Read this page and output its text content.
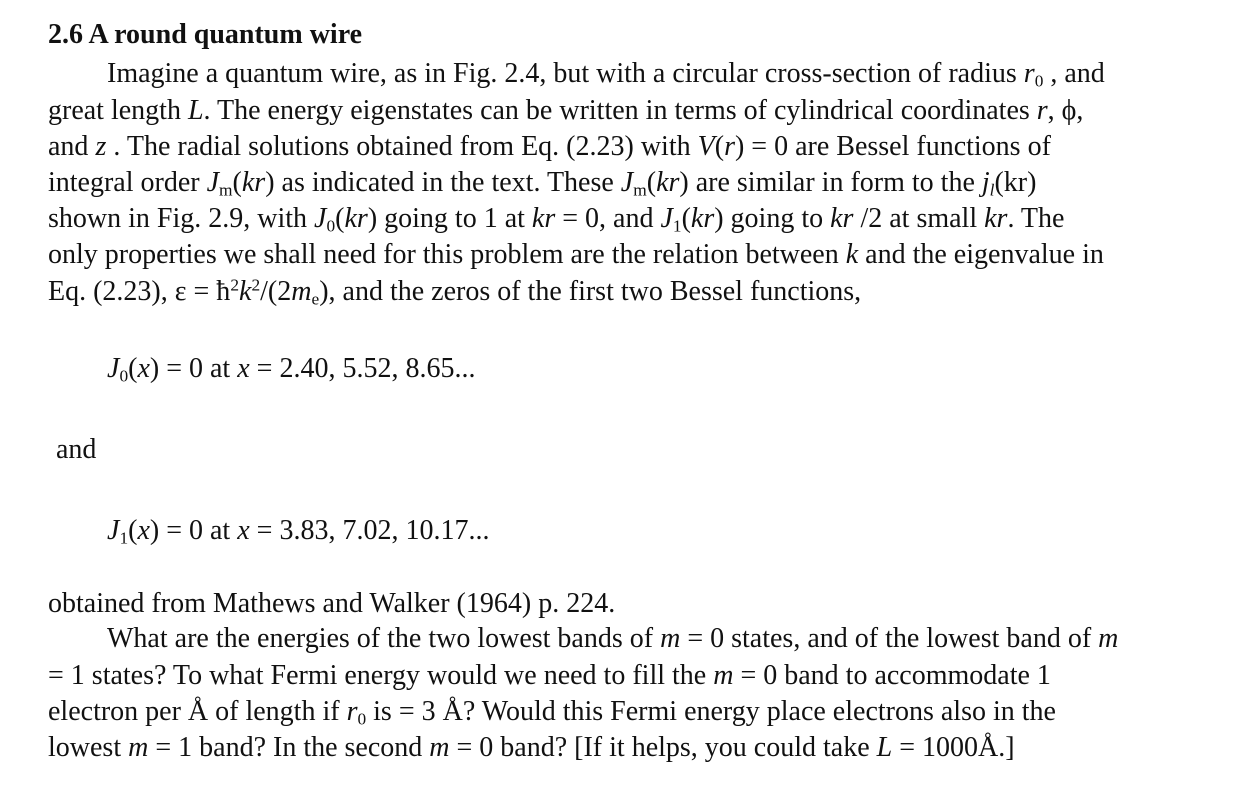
2.6 A round quantum wire
Imagine a quantum wire, as in Fig. 2.4, but with a circular cross-section of radius $r_0$ , and
great length L. The energy eigenstates can be written in terms of cylindrical coordinates r, ϕ,
and z . The radial solutions obtained from Eq. (2.23) with V(r) = 0 are Bessel functions of
integral order $J_m(kr)$ as indicated in the text. These $J_m(kr)$ are similar in form to the $j_l(kr)$
shown in Fig. 2.9, with $J_0(kr)$ going to 1 at kr = 0, and $J_1(kr)$ going to kr /2 at small kr. The
only properties we shall need for this problem are the relation between k and the eigenvalue in
Eq. (2.23), $\varepsilon = ħ^2k^2/(2m_e)$, and the zeros of the first two Bessel functions,
$J_0(x) = 0$ at x = 2.40, 5.52, 8.65...
and
$J_1(x) = 0$ at x = 3.83, 7.02, 10.17...
obtained from Mathews and Walker (1964) p. 224.
What are the energies of the two lowest bands of m = 0 states, and of the lowest band of m
= 1 states? To what Fermi energy would we need to fill the m = 0 band to accommodate 1
electron per Å of length if $r_0$ is = 3 Å? Would this Fermi energy place electrons also in the
lowest m = 1 band? In the second m = 0 band? [If it helps, you could take L = 1000Å.]
